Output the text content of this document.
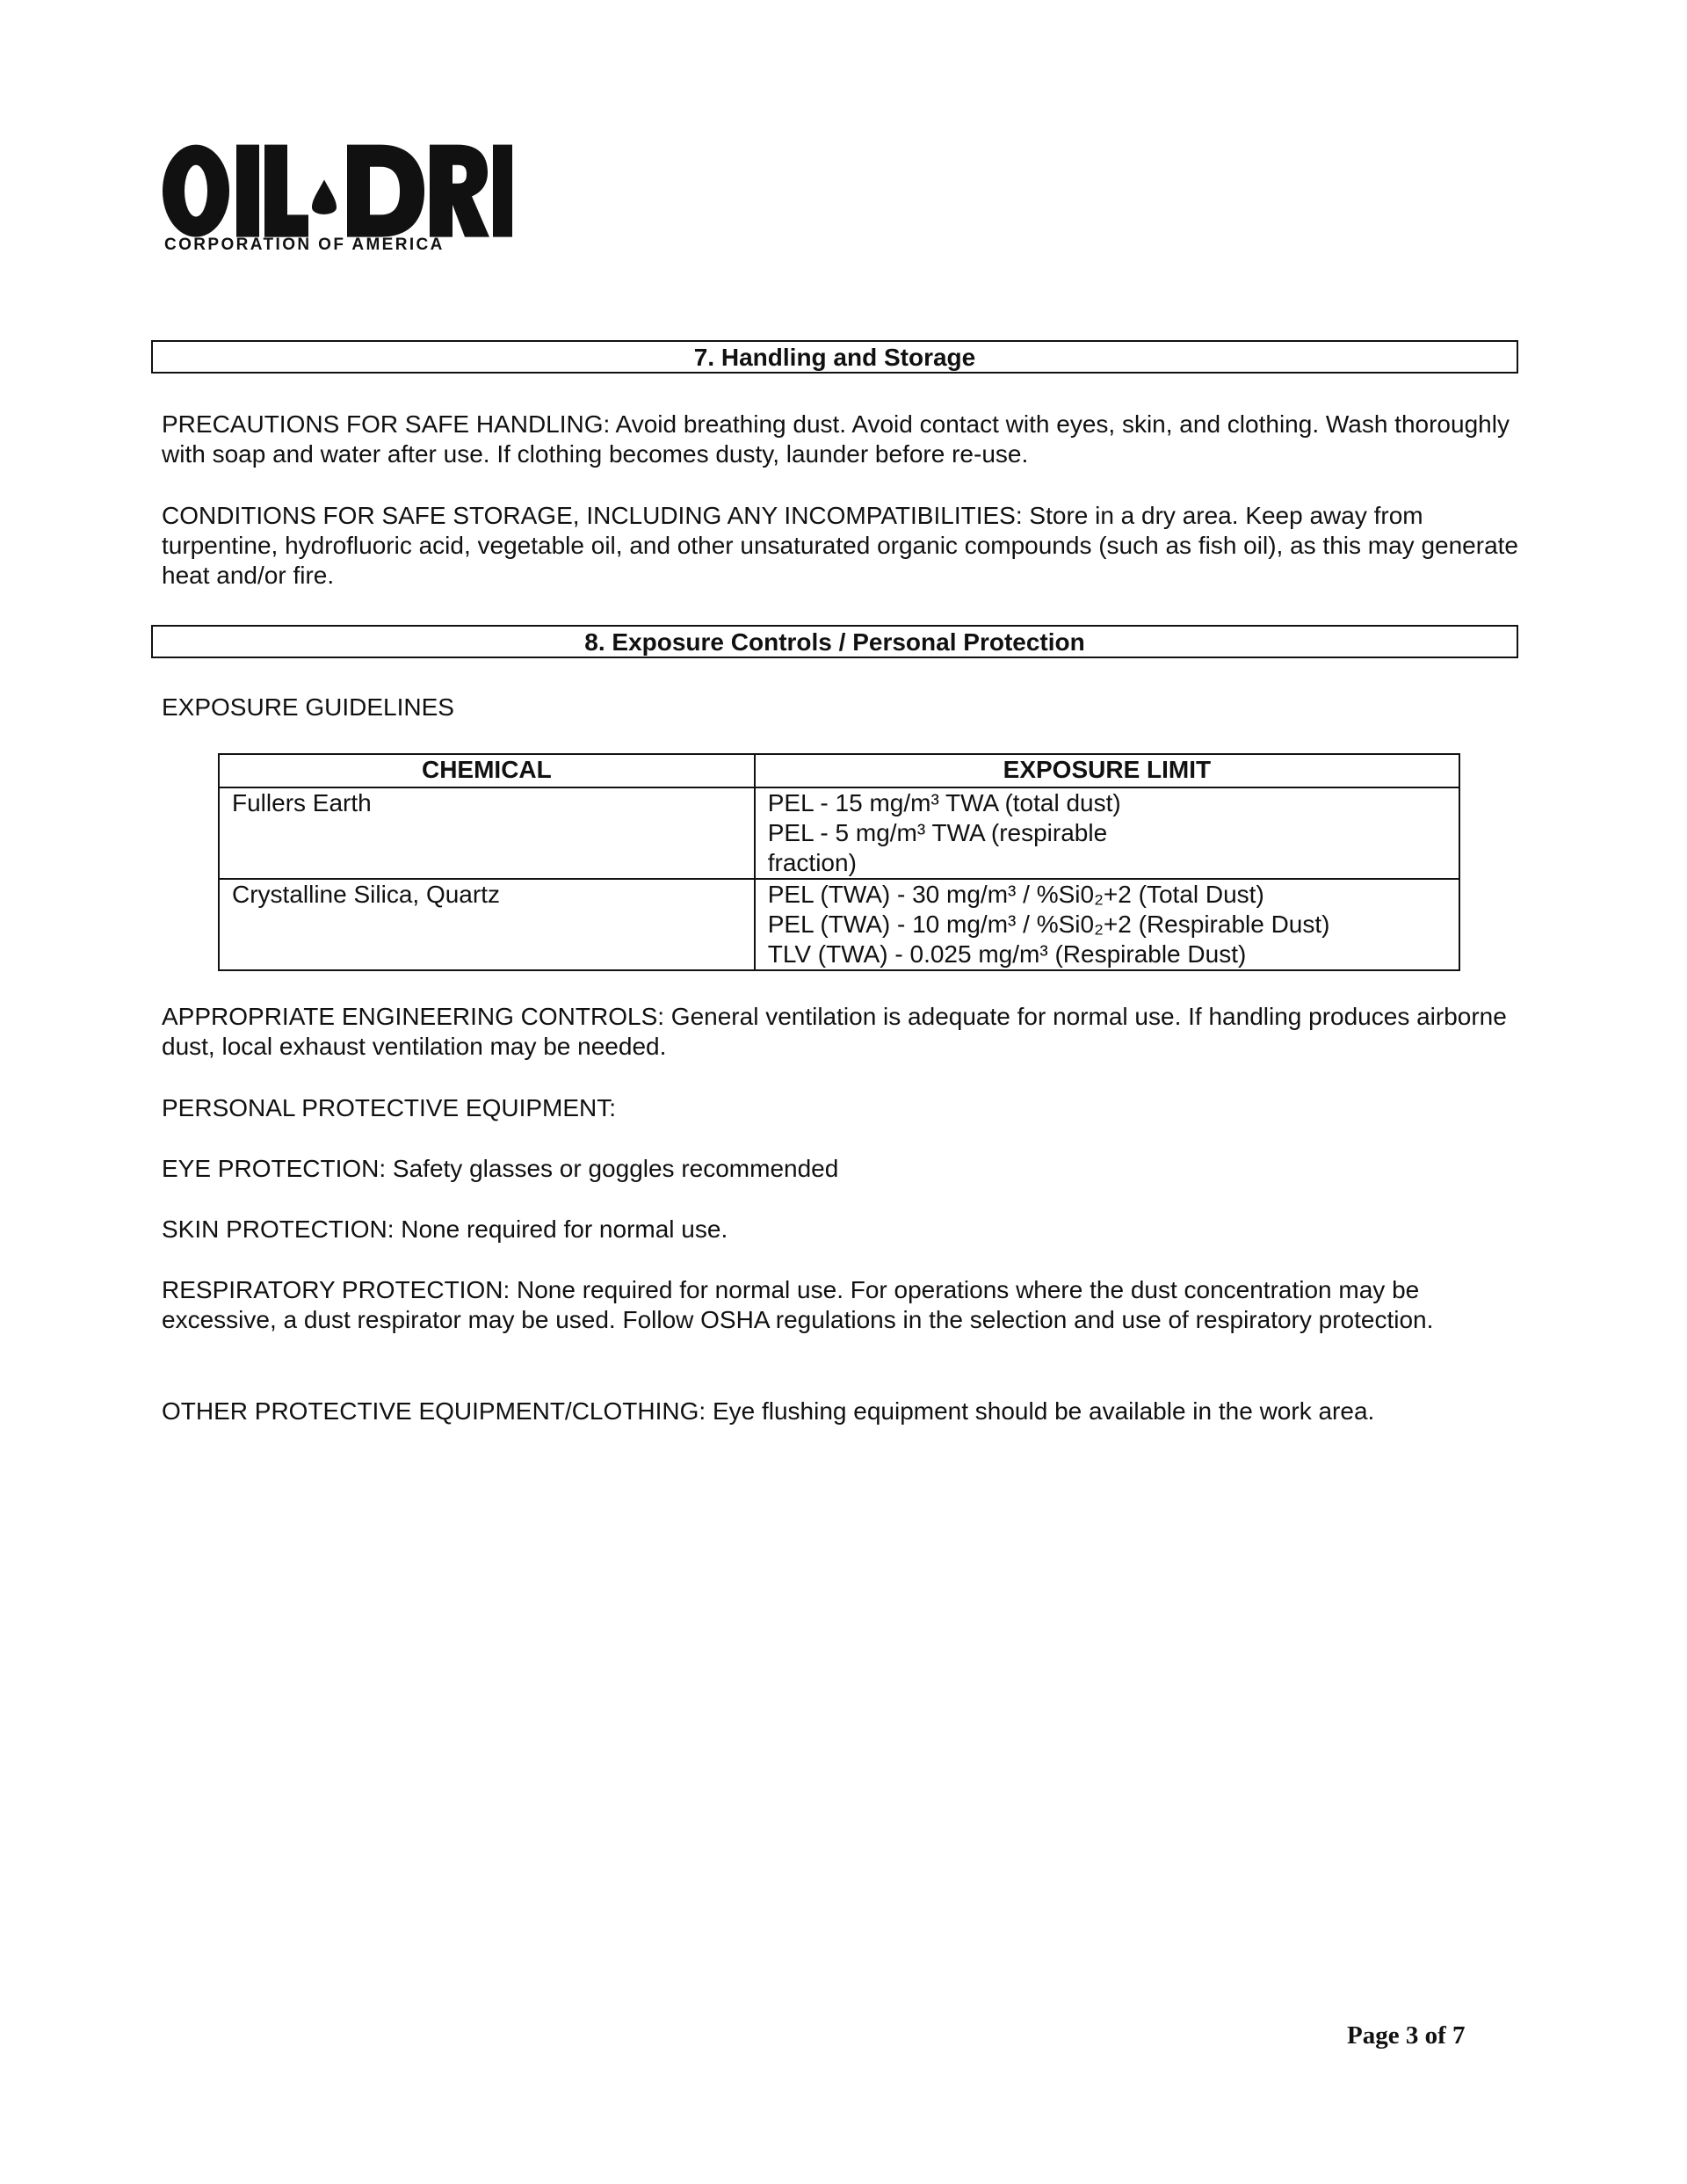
CORPORATION OF AMERICA
7. Handling and Storage

PRECAUTIONS FOR SAFE HANDLING: Avoid breathing dust. Avoid contact with eyes, skin, and clothing. Wash thoroughly with soap and water after use. If clothing becomes dusty, launder before re-use.

CONDITIONS FOR SAFE STORAGE, INCLUDING ANY INCOMPATIBILITIES: Store in a dry area. Keep away from turpentine, hydrofluoric acid, vegetable oil, and other unsaturated organic compounds (such as fish oil), as this may generate heat and/or fire.

8. Exposure Controls / Personal Protection

EXPOSURE GUIDELINES

CHEMICAL	EXPOSURE LIMIT
Fullers Earth	PEL - 15 mg/m³ TWA (total dust)
PEL - 5 mg/m³ TWA (respirable
fraction)

Crystalline Silica, Quartz	PEL (TWA) - 30 mg/m³ / %Si0₂+2 (Total Dust)
PEL (TWA) - 10 mg/m³ / %Si0₂+2 (Respirable Dust)
TLV (TWA) - 0.025 mg/m³ (Respirable Dust)

APPROPRIATE ENGINEERING CONTROLS: General ventilation is adequate for normal use. If handling produces airborne dust, local exhaust ventilation may be needed.

PERSONAL PROTECTIVE EQUIPMENT:

EYE PROTECTION: Safety glasses or goggles recommended

SKIN PROTECTION: None required for normal use.

RESPIRATORY PROTECTION: None required for normal use. For operations where the dust concentration may be excessive, a dust respirator may be used. Follow OSHA regulations in the selection and use of respiratory protection.

OTHER PROTECTIVE EQUIPMENT/CLOTHING: Eye flushing equipment should be available in the work area.

Page 3 of 7
